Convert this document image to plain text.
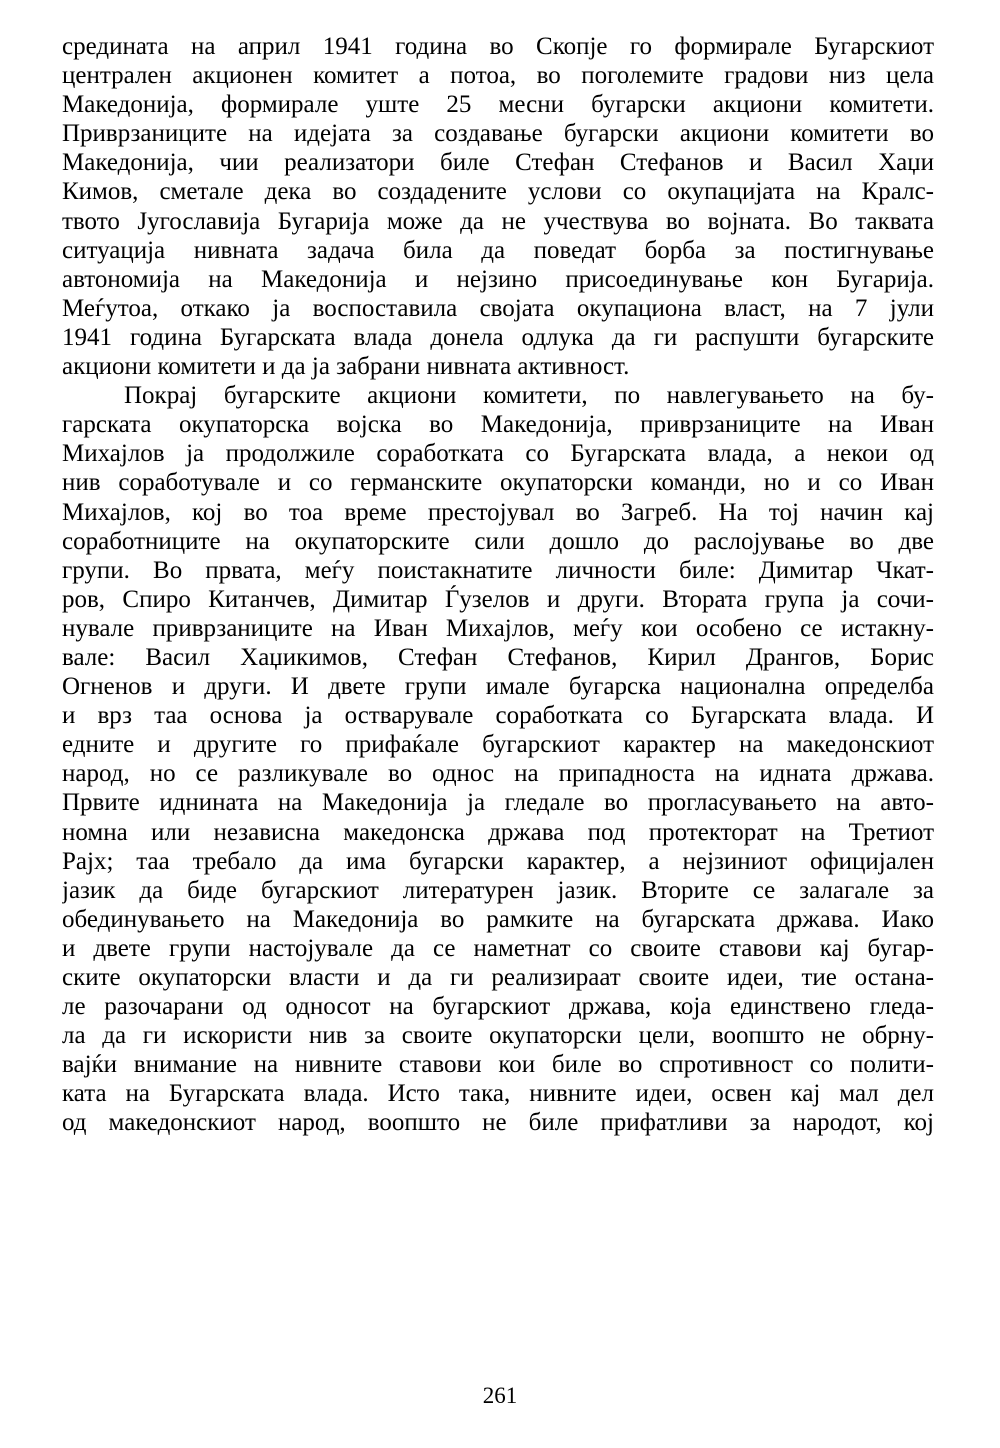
средината на април 1941 година во Скопје го формирале Бугарскиот
централен акционен комитет а потоа, во поголемите градови низ цела
Македонија, формирале уште 25 месни бугарски акциони комитети.
Приврзаниците на идејата за создавање бугарски акциони комитети во
Македонија, чии реализатори биле Стефан Стефанов и Васил Хаџи
Кимов, сметале дека во создадените услови со окупацијата на Кралс-
твото Југославија Бугарија може да не учествува во војната. Во таквата
ситуација нивната задача била да поведат борба за постигнување
автономија на Македонија и нејзино присоединување кон Бугарија.
Меѓутоа, откако ја воспоставила својата окупациона власт, на 7 јули
1941 година Бугарската влада донела одлука да ги распушти бугарските
акциони комитети и да ја забрани нивната активност.
Покрај бугарските акциони комитети, по навлегувањето на бу-
гарската окупаторска војска во Македонија, приврзаниците на Иван
Михајлов ја продолжиле соработката со Бугарската влада, а некои од
нив соработувале и со германските окупаторски команди, но и со Иван
Михајлов, кој во тоа време престојувал во Загреб. На тој начин кај
соработниците на окупаторските сили дошло до раслојување во две
групи. Во првата, меѓу поистакнатите личности биле: Димитар Чкат-
ров, Спиро Китанчев, Димитар Ѓузелов и други. Втората група ја сочи-
нувале приврзаниците на Иван Михајлов, меѓу кои особено се истакну-
вале: Васил Хаџикимов, Стефан Стефанов, Кирил Дрангов, Борис
Огненов и други. И двете групи имале бугарска национална определба
и врз таа основа ја остварувале соработката со Бугарската влада. И
едните и другите го прифаќале бугарскиот карактер на македонскиот
народ, но се разликувале во однос на припадноста на идната држава.
Првите иднината на Македонија ја гледале во прогласувањето на авто-
номна или независна македонска држава под протекторат на Третиот
Рајх; таа требало да има бугарски карактер, а нејзиниот официјален
јазик да биде бугарскиот литературен јазик. Вторите се залагале за
обединувањето на Македонија во рамките на бугарската држава. Иако
и двете групи настојувале да се наметнат со своите ставови кај бугар-
ските окупаторски власти и да ги реализираат своите идеи, тие остана-
ле разочарани од односот на бугарскиот држава, која единствено гледа-
ла да ги искористи нив за своите окупаторски цели, воопшто не обрну-
вајќи внимание на нивните ставови кои биле во спротивност со полити-
ката на Бугарската влада. Исто така, нивните идеи, освен кај мал дел
од македонскиот народ, воопшто не биле прифатливи за народот, кој
261
